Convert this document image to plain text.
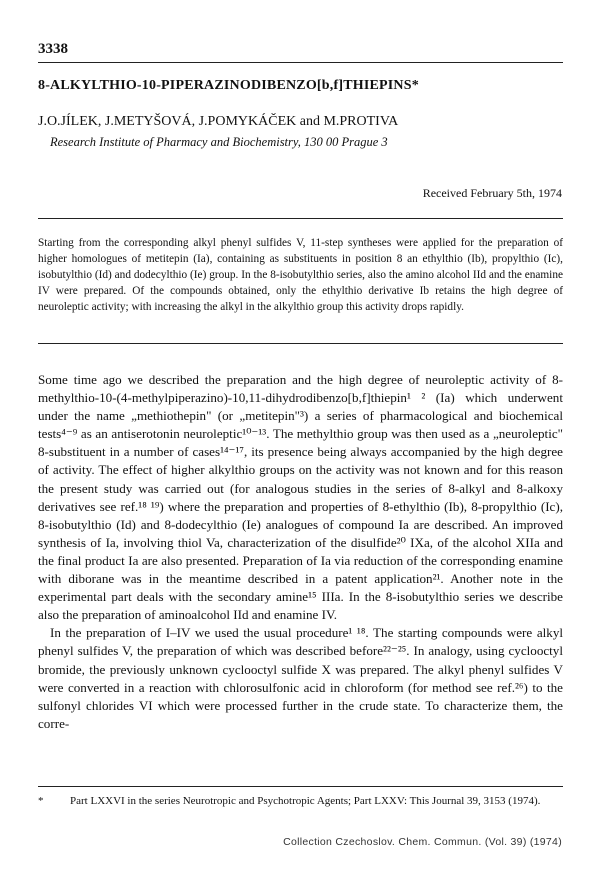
3338
8-ALKYLTHIO-10-PIPERAZINODIBENZO[b,f]THIEPINS*
J.O.JÍLEK, J.METYŠOVÁ, J.POMYKÁČEK and M.PROTIVA
Research Institute of Pharmacy and Biochemistry, 130 00 Prague 3
Received February 5th, 1974
Starting from the corresponding alkyl phenyl sulfides V, 11-step syntheses were applied for the preparation of higher homologues of metitepin (Ia), containing as substituents in position 8 an ethylthio (Ib), propylthio (Ic), isobutylthio (Id) and dodecylthio (Ie) group. In the 8-isobutylthio series, also the amino alcohol IId and the enamine IV were prepared. Of the compounds obtained, only the ethylthio derivative Ib retains the high degree of neuroleptic activity; with increasing the alkyl in the alkylthio group this activity drops rapidly.

Some time ago we described the preparation and the high degree of neuroleptic activity of 8-methylthio-10-(4-methylpiperazino)-10,11-dihydrodibenzo[b,f]thiepin¹ ² (Ia) which underwent under the name „methiothepin" (or „metitepin"³) a series of pharmacological and biochemical tests⁴⁻⁹ as an antiserotonin neuroleptic¹⁰⁻¹³. The methylthio group was then used as a „neuroleptic" 8-substituent in a number of cases¹⁴⁻¹⁷, its presence being always accompanied by the high degree of activity. The effect of higher alkylthio groups on the activity was not known and for this reason the present study was carried out (for analogous studies in the series of 8-alkyl and 8-alkoxy derivatives see ref.¹⁸ ¹⁹) where the preparation and properties of 8-ethylthio (Ib), 8-propylthio (Ic), 8-isobutylthio (Id) and 8-dodecylthio (Ie) analogues of compound Ia are described. An improved synthesis of Ia, involving thiol Va, characterization of the disulfide²⁰ IXa, of the alcohol XIIa and the final product Ia are also presented. Preparation of Ia via reduction of the corresponding enamine with diborane was in the meantime described in a patent application²¹. Another note in the experimental part deals with the secondary amine¹⁵ IIIa. In the 8-isobutylthio series we describe also the preparation of aminoalcohol IId and enamine IV.

In the preparation of I–IV we used the usual procedure¹ ¹⁸. The starting compounds were alkyl phenyl sulfides V, the preparation of which was described before²²⁻²⁵. In analogy, using cyclooctyl bromide, the previously unknown cyclooctyl sulfide X was prepared. The alkyl phenyl sulfides V were converted in a reaction with chlorosulfonic acid in chloroform (for method see ref.²⁶) to the sulfonyl chlorides VI which were processed further in the crude state. To characterize them, the corre-

* Part LXXVI in the series Neurotropic and Psychotropic Agents; Part LXXV: This Journal 39, 3153 (1974).
Collection Czechoslov. Chem. Commun. (Vol. 39) (1974)
